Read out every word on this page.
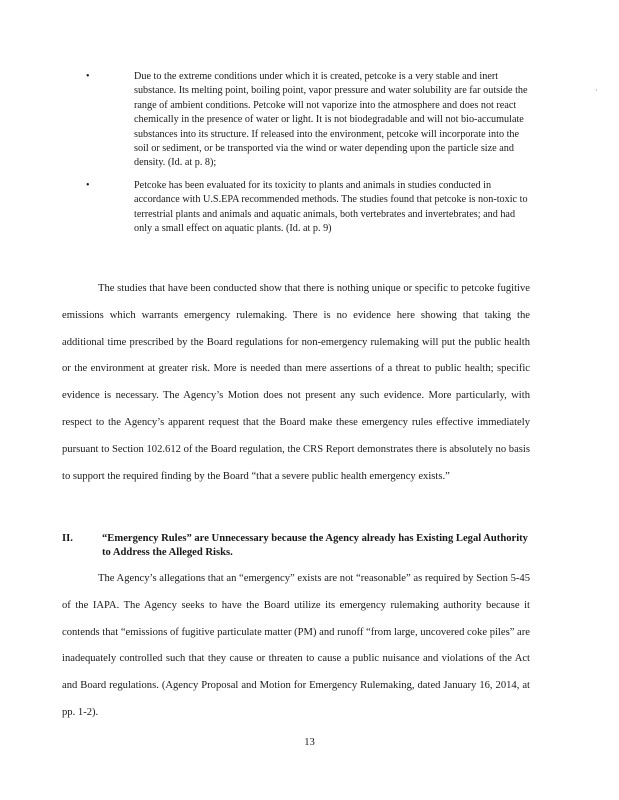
•	Due to the extreme conditions under which it is created, petcoke is a very stable and inert substance. Its melting point, boiling point, vapor pressure and water solubility are far outside the range of ambient conditions. Petcoke will not vaporize into the atmosphere and does not react chemically in the presence of water or light. It is not biodegradable and will not bio-accumulate substances into its structure. If released into the environment, petcoke will incorporate into the soil or sediment, or be transported via the wind or water depending upon the particle size and density. (Id. at p. 8);
•	Petcoke has been evaluated for its toxicity to plants and animals in studies conducted in accordance with U.S.EPA recommended methods. The studies found that petcoke is non-toxic to terrestrial plants and animals and aquatic animals, both vertebrates and invertebrates; and had only a small effect on aquatic plants. (Id. at p. 9)
The studies that have been conducted show that there is nothing unique or specific to petcoke fugitive emissions which warrants emergency rulemaking. There is no evidence here showing that taking the additional time prescribed by the Board regulations for non-emergency rulemaking will put the public health or the environment at greater risk. More is needed than mere assertions of a threat to public health; specific evidence is necessary. The Agency’s Motion does not present any such evidence. More particularly, with respect to the Agency’s apparent request that the Board make these emergency rules effective immediately pursuant to Section 102.612 of the Board regulation, the CRS Report demonstrates there is absolutely no basis to support the required finding by the Board “that a severe public health emergency exists.”
II.	“Emergency Rules” are Unnecessary because the Agency already has Existing Legal Authority to Address the Alleged Risks.
The Agency’s allegations that an “emergency” exists are not “reasonable” as required by Section 5-45 of the IAPA. The Agency seeks to have the Board utilize its emergency rulemaking authority because it contends that “emissions of fugitive particulate matter (PM) and runoff “from large, uncovered coke piles” are inadequately controlled such that they cause or threaten to cause a public nuisance and violations of the Act and Board regulations. (Agency Proposal and Motion for Emergency Rulemaking, dated January 16, 2014, at pp. 1-2).
·
13
